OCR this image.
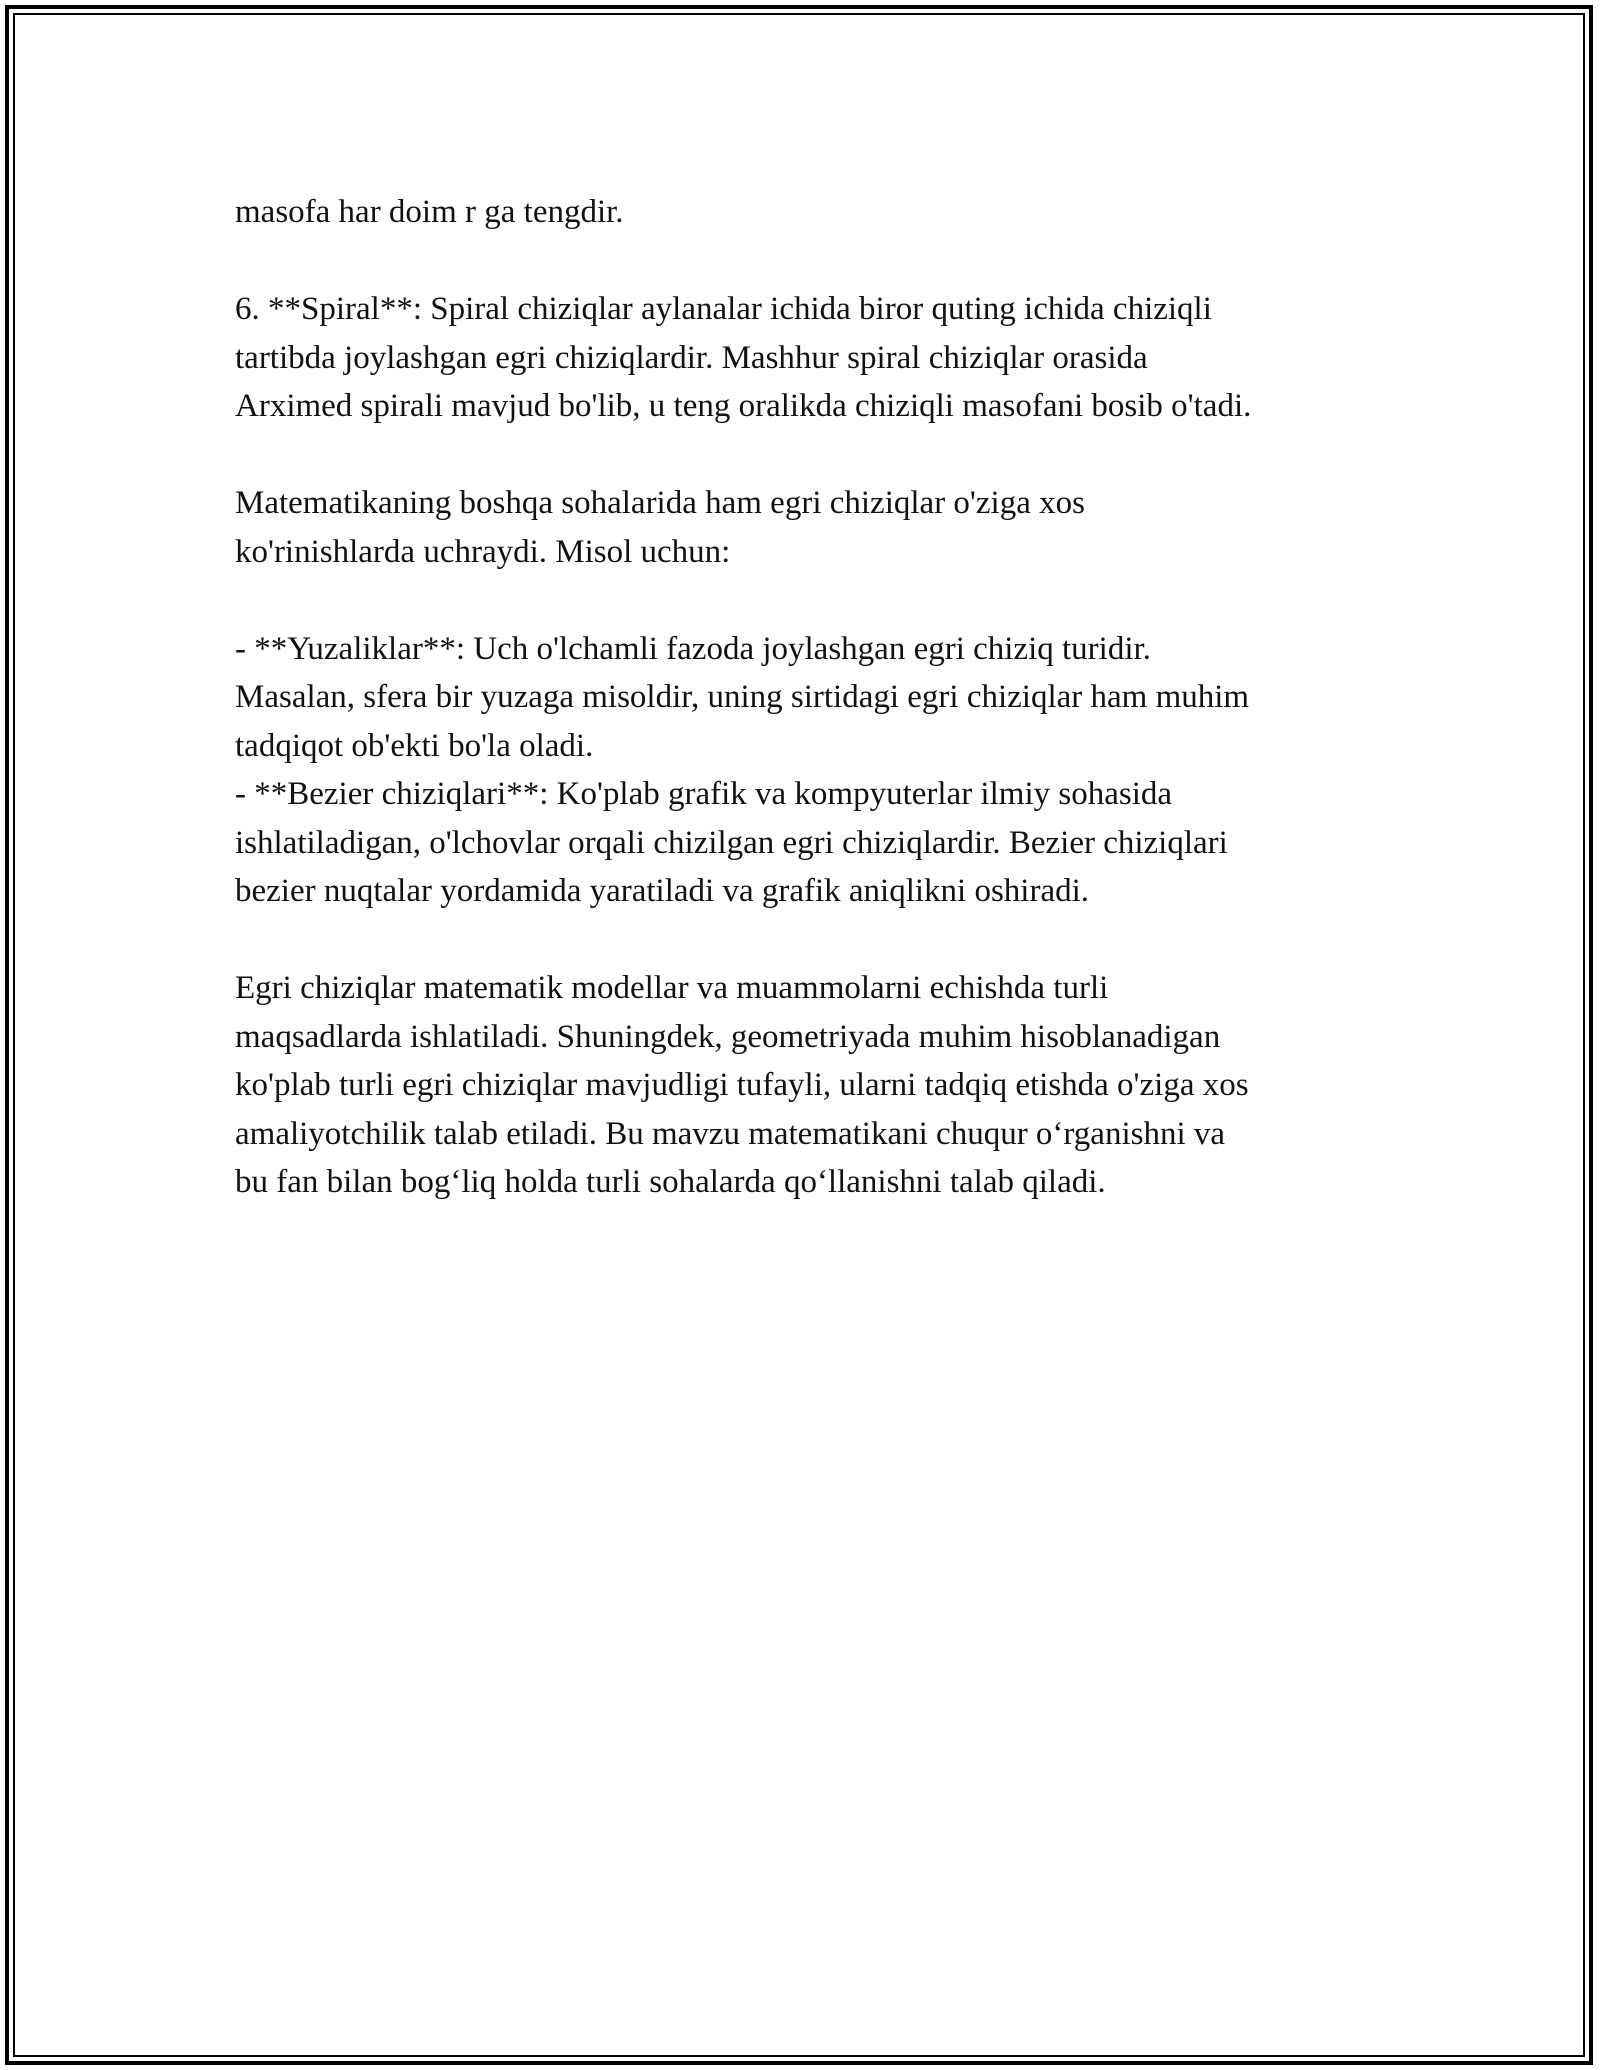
masofa har doim r ga tengdir.

6. **Spiral**: Spiral chiziqlar aylanalar ichida biror quting ichida chiziqli
tartibda joylashgan egri chiziqlardir. Mashhur spiral chiziqlar orasida
Arximed spirali mavjud bo'lib, u teng oralikda chiziqli masofani bosib o'tadi.

Matematikaning boshqa sohalarida ham egri chiziqlar o'ziga xos
ko'rinishlarda uchraydi. Misol uchun:

- **Yuzaliklar**: Uch o'lchamli fazoda joylashgan egri chiziq turidir.
Masalan, sfera bir yuzaga misoldir, uning sirtidagi egri chiziqlar ham muhim
tadqiqot ob'ekti bo'la oladi.
- **Bezier chiziqlari**: Ko'plab grafik va kompyuterlar ilmiy sohasida
ishlatiladigan, o'lchovlar orqali chizilgan egri chiziqlardir. Bezier chiziqlari
bezier nuqtalar yordamida yaratiladi va grafik aniqlikni oshiradi.

Egri chiziqlar matematik modellar va muammolarni echishda turli
maqsadlarda ishlatiladi. Shuningdek, geometriyada muhim hisoblanadigan
ko'plab turli egri chiziqlar mavjudligi tufayli, ularni tadqiq etishda o'ziga xos
amaliyotchilik talab etiladi. Bu mavzu matematikani chuqur o‘rganishni va
bu fan bilan bog‘liq holda turli sohalarda qo‘llanishni talab qiladi.
